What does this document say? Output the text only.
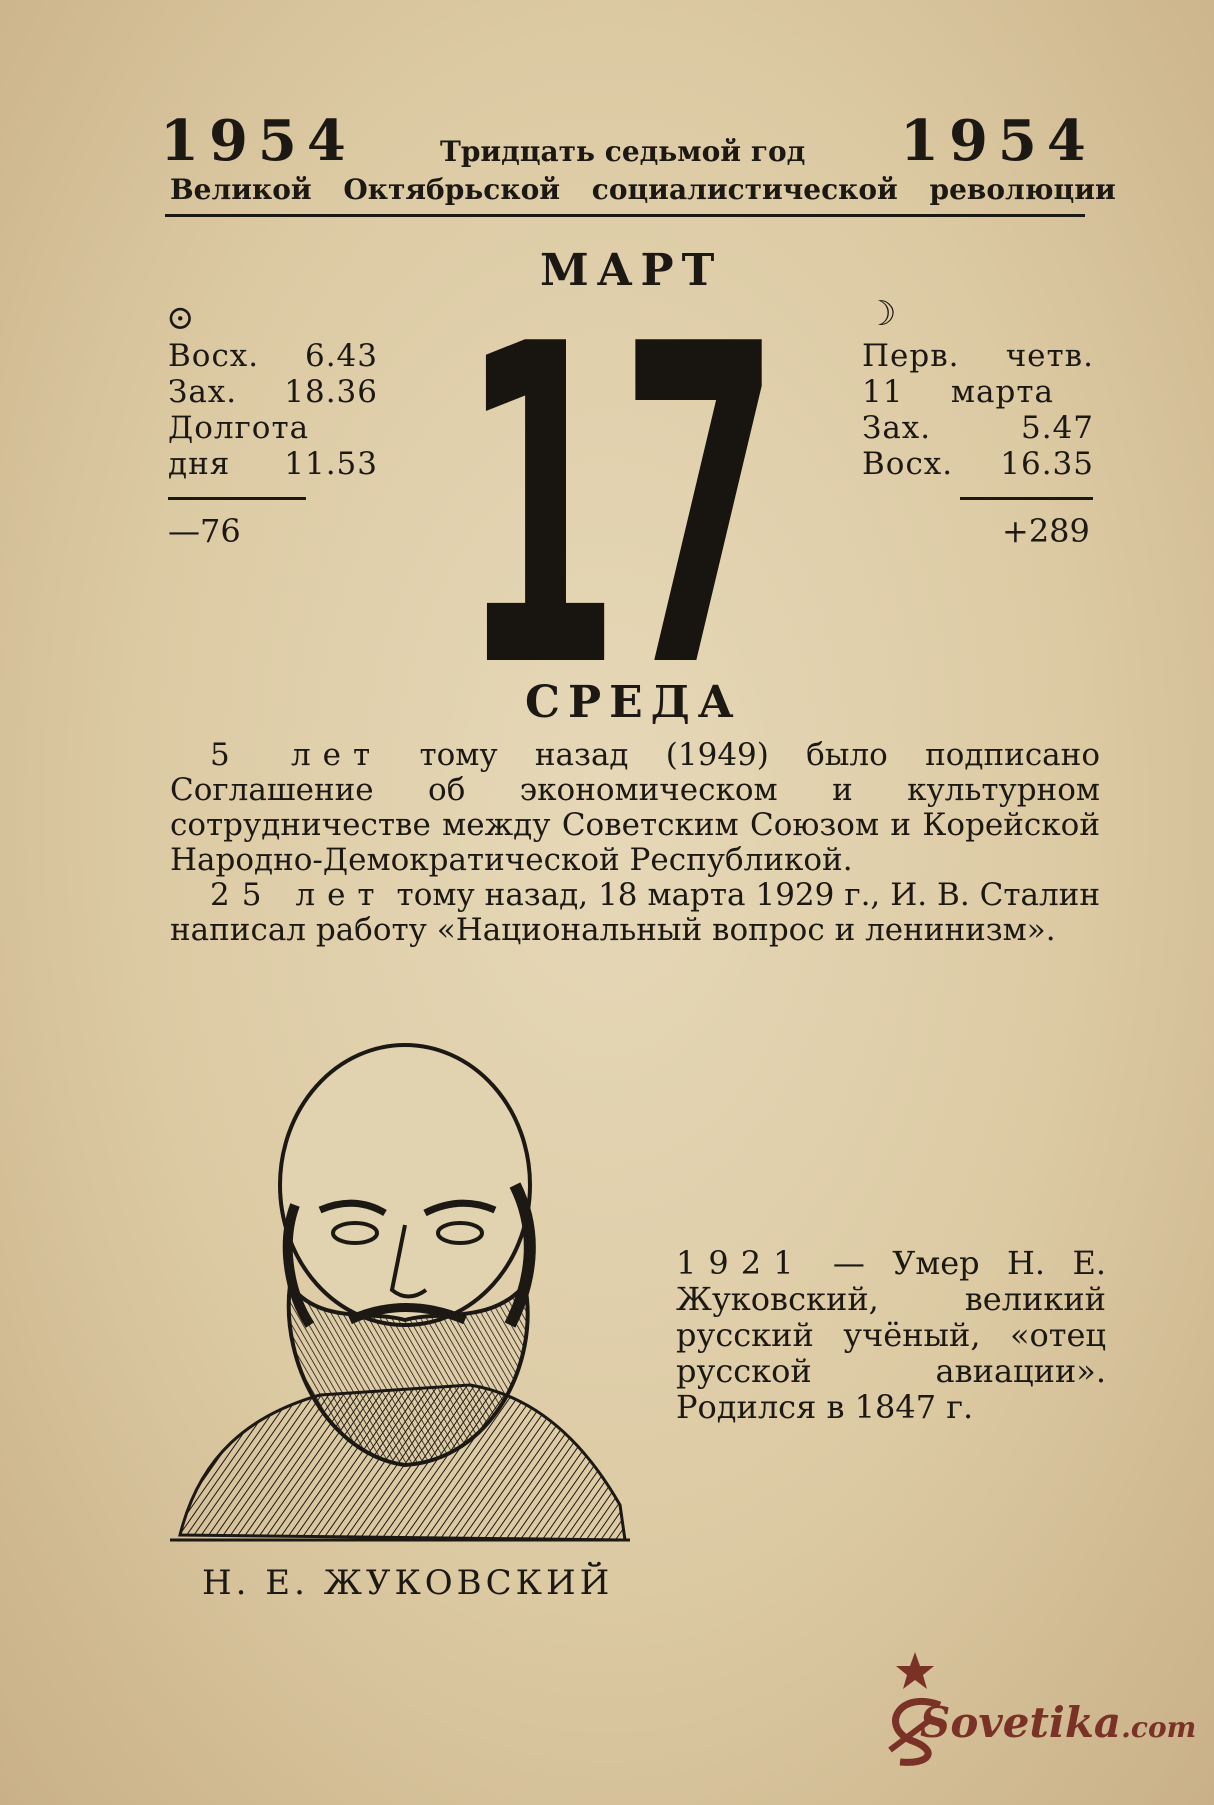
1954	1954
Тридцать седьмой год
Великой Октябрьской социалистической революции
МАРТ
17
⊙
Восх. 6.43
Зах. 18.36
Долгота
дня 11.53
—76
☽
Перв. четв.
11 марта
Зах.	5.47
Восх. 16.35
+289
СРЕДА

5 лет тому назад (1949) было подписано Соглашение об экономическом и культурном сотрудничестве между Советским Союзом и Корейской Народно-Демократической Республикой.

25 лет тому назад, 18 марта 1929 г., И. В. Сталин написал работу «Национальный вопрос и ленинизм».

Н. Е. ЖУКОВСКИЙ
1921 — Умер Н. Е. Жуковский, великий русский учёный, «отец русской авиации». Родился в 1847 г.
Sovetika.com
